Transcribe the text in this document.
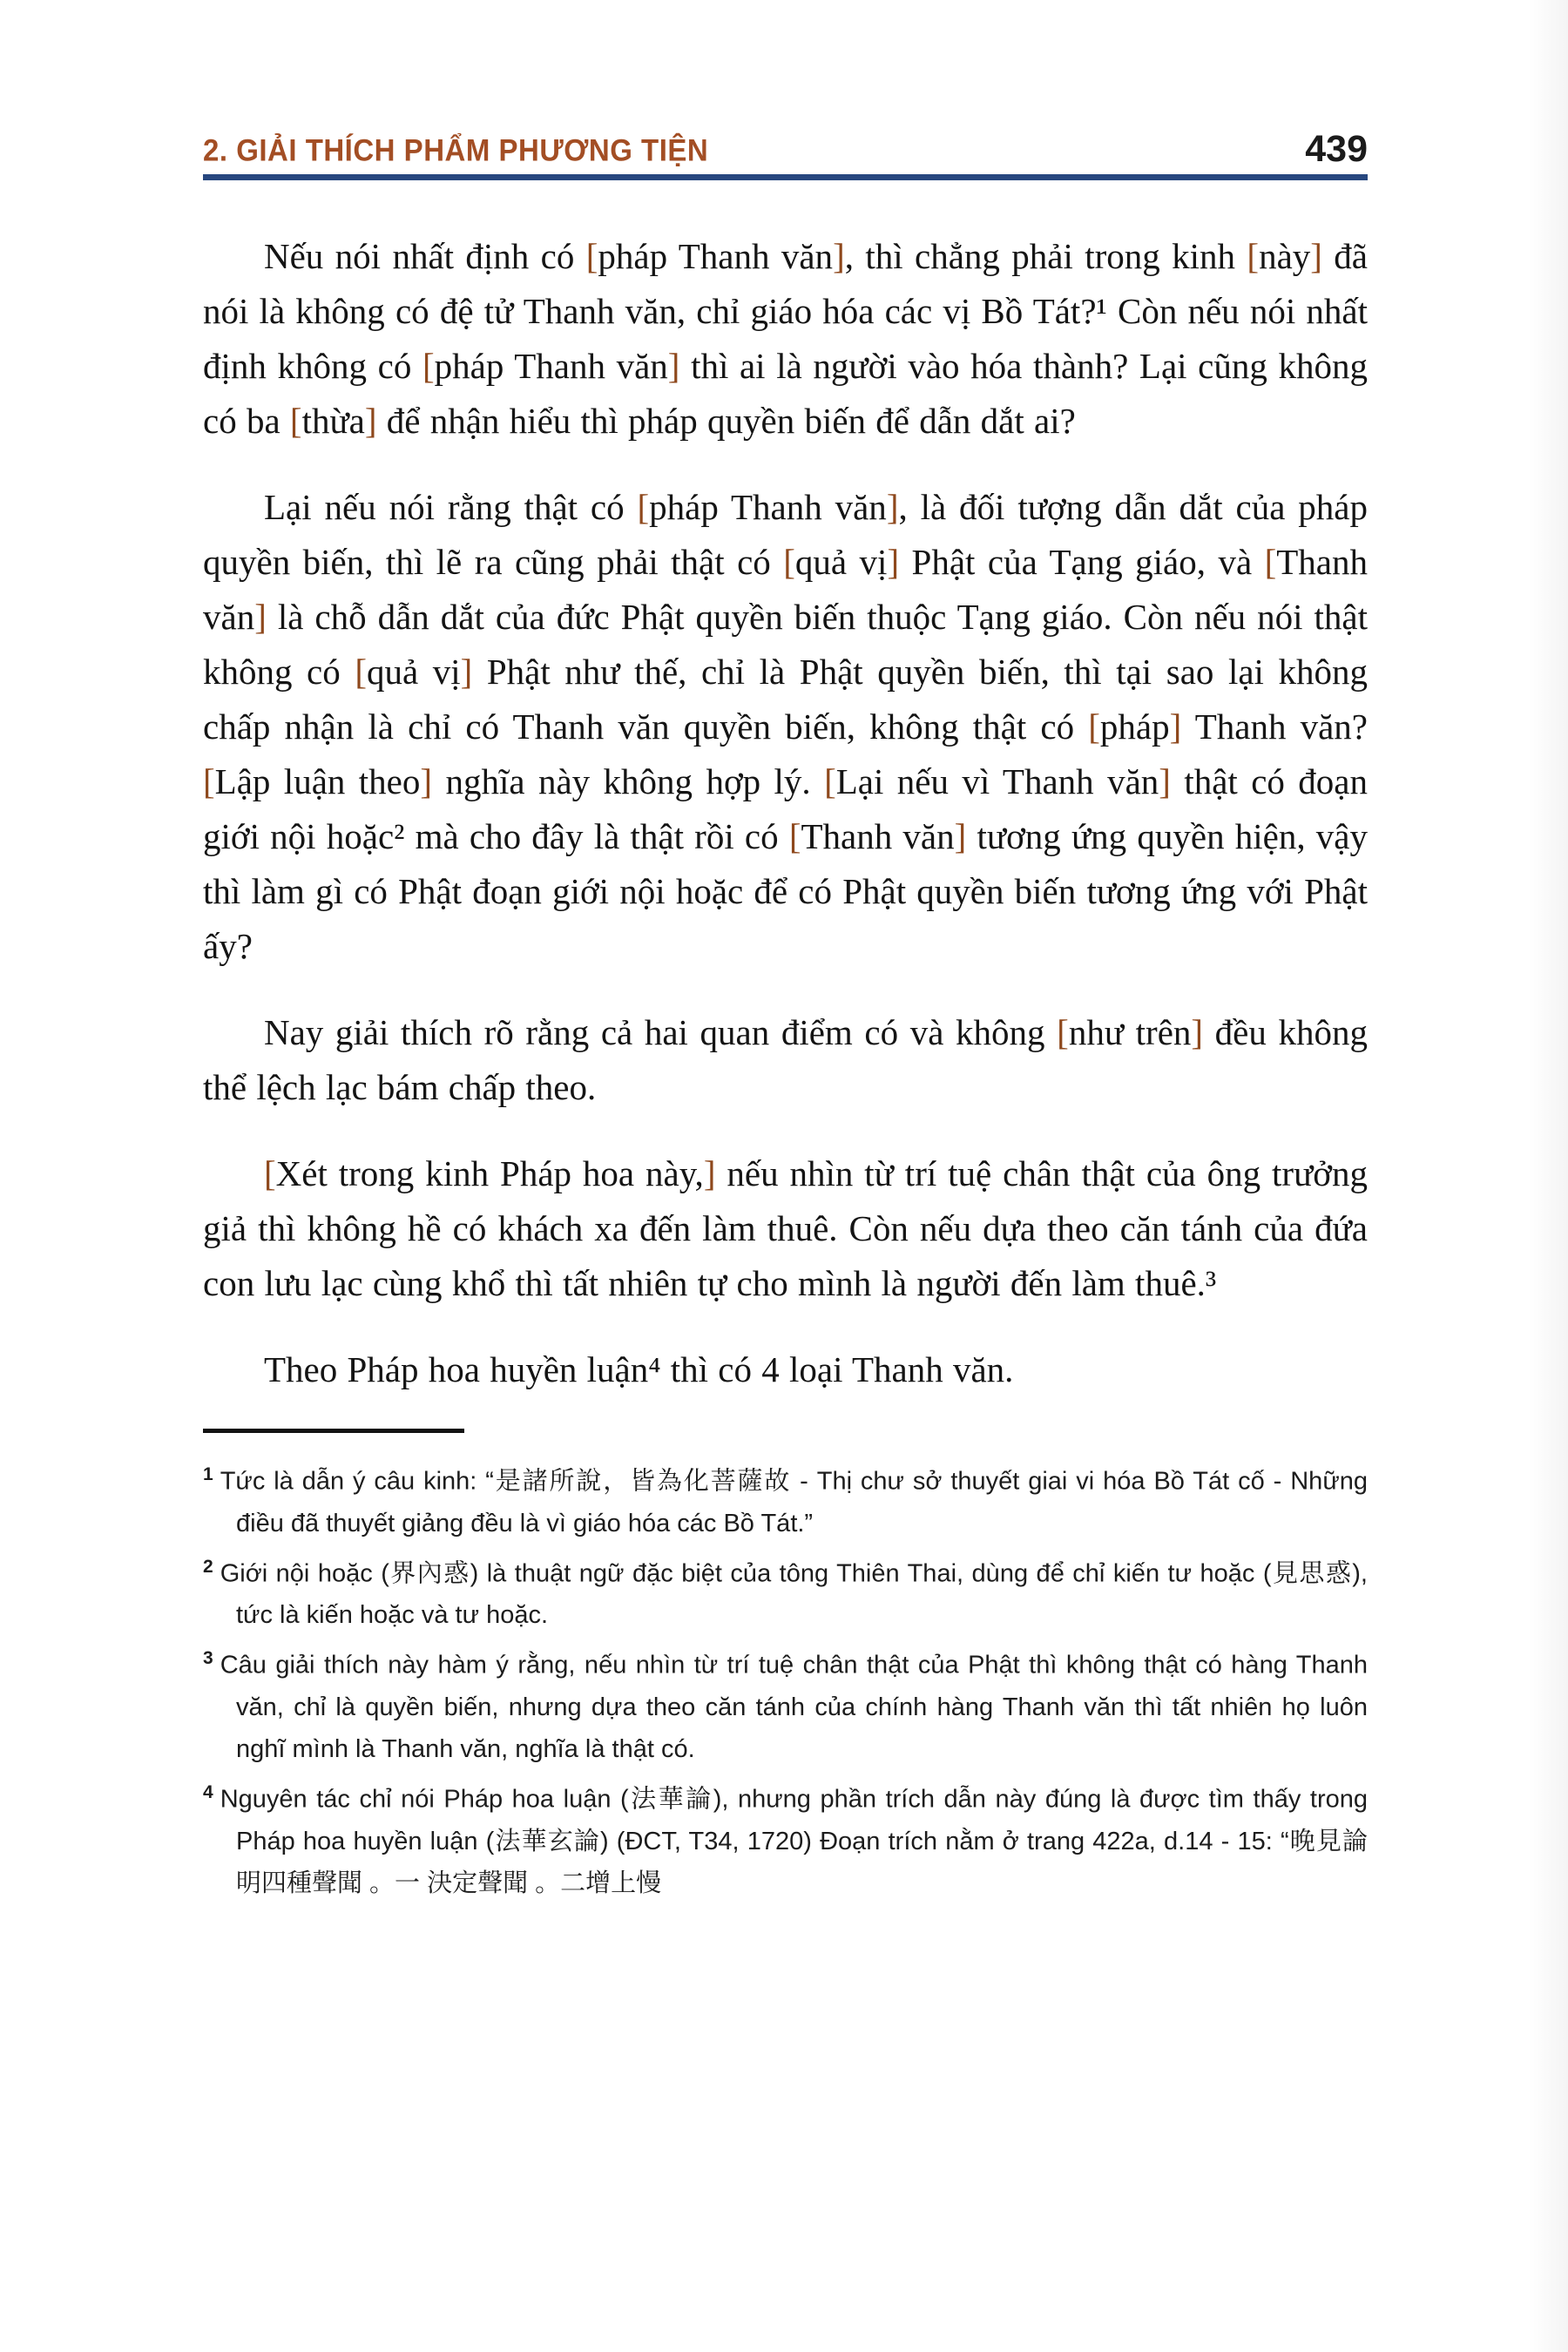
2. GIẢI THÍCH PHẨM PHƯƠNG TIỆN	439

Nếu nói nhất định có [pháp Thanh văn], thì chẳng phải trong kinh [này] đã nói là không có đệ tử Thanh văn, chỉ giáo hóa các vị Bồ Tát?¹ Còn nếu nói nhất định không có [pháp Thanh văn] thì ai là người vào hóa thành? Lại cũng không có ba [thừa] để nhận hiểu thì pháp quyền biến để dẫn dắt ai?

Lại nếu nói rằng thật có [pháp Thanh văn], là đối tượng dẫn dắt của pháp quyền biến, thì lẽ ra cũng phải thật có [quả vị] Phật của Tạng giáo, và [Thanh văn] là chỗ dẫn dắt của đức Phật quyền biến thuộc Tạng giáo. Còn nếu nói thật không có [quả vị] Phật như thế, chỉ là Phật quyền biến, thì tại sao lại không chấp nhận là chỉ có Thanh văn quyền biến, không thật có [pháp] Thanh văn? [Lập luận theo] nghĩa này không hợp lý. [Lại nếu vì Thanh văn] thật có đoạn giới nội hoặc² mà cho đây là thật rồi có [Thanh văn] tương ứng quyền hiện, vậy thì làm gì có Phật đoạn giới nội hoặc để có Phật quyền biến tương ứng với Phật ấy?

Nay giải thích rõ rằng cả hai quan điểm có và không [như trên] đều không thể lệch lạc bám chấp theo.

[Xét trong kinh Pháp hoa này,] nếu nhìn từ trí tuệ chân thật của ông trưởng giả thì không hề có khách xa đến làm thuê. Còn nếu dựa theo căn tánh của đứa con lưu lạc cùng khổ thì tất nhiên tự cho mình là người đến làm thuê.³

Theo Pháp hoa huyền luận⁴ thì có 4 loại Thanh văn.

$^1$ Tức là dẫn ý câu kinh: “是諸所說，皆為化菩薩故 - Thị chư sở thuyết giai vi hóa Bồ Tát cố - Những điều đã thuyết giảng đều là vì giáo hóa các Bồ Tát.”

$^2$ Giới nội hoặc (界內惑) là thuật ngữ đặc biệt của tông Thiên Thai, dùng để chỉ kiến tư hoặc (見思惑), tức là kiến hoặc và tư hoặc.

$^3$ Câu giải thích này hàm ý rằng, nếu nhìn từ trí tuệ chân thật của Phật thì không thật có hàng Thanh văn, chỉ là quyền biến, nhưng dựa theo căn tánh của chính hàng Thanh văn thì tất nhiên họ luôn nghĩ mình là Thanh văn, nghĩa là thật có.

$^4$ Nguyên tác chỉ nói Pháp hoa luận (法華論), nhưng phần trích dẫn này đúng là được tìm thấy trong Pháp hoa huyền luận (法華玄論) (ĐCT, T34, 1720) Đoạn trích nằm ở trang 422a, d.14 - 15: “晚見論明四種聲聞 。一 決定聲聞 。二增上慢
